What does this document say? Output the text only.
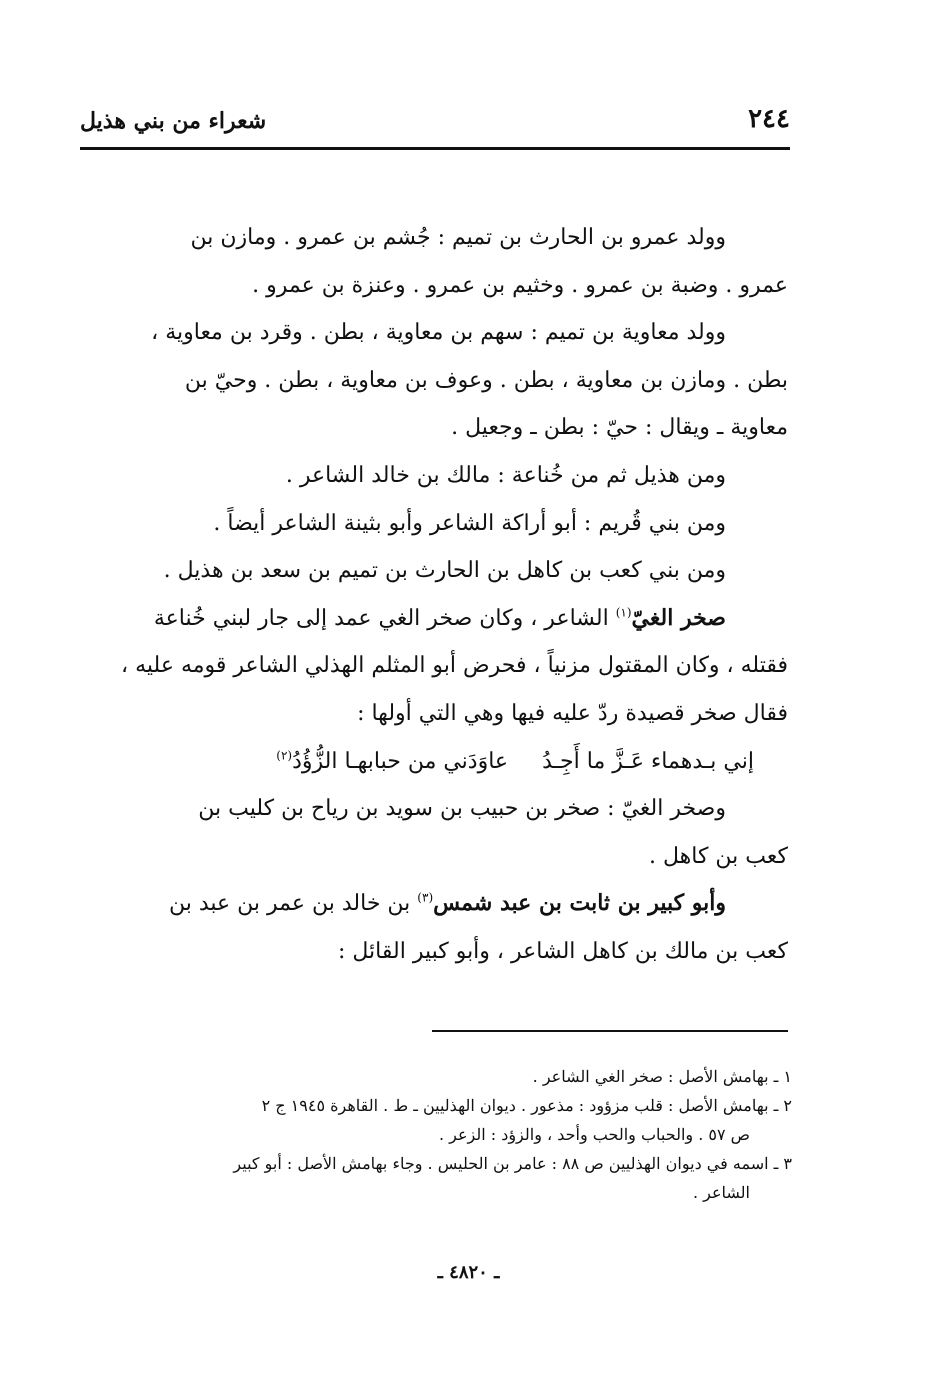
٢٤٤
شعراء من بني هذيل
وولد عمرو بن الحارث بن تميم : جُشم بن عمرو . ومازن بن
عمرو . وضبة بن عمرو . وخثيم بن عمرو . وعنزة بن عمرو .
وولد معاوية بن تميم : سهم بن معاوية ، بطن . وقرد بن معاوية ،
بطن . ومازن بن معاوية ، بطن . وعوف بن معاوية ، بطن . وحيّ بن
معاوية ـ ويقال : حيّ : بطن ـ وجعيل .
ومن هذيل ثم من خُناعة : مالك بن خالد الشاعر .
ومن بني قُريم : أبو أراكة الشاعر وأبو بثينة الشاعر أيضاً .
ومن بني كعب بن كاهل بن الحارث بن تميم بن سعد بن هذيل .
صخر الغيّ$^{(١)}$ الشاعر ، وكان صخر الغي عمد إلى جار لبني خُناعة
فقتله ، وكان المقتول مزنياً ، فحرض أبو المثلم الهذلي الشاعر قومه عليه ،
فقال صخر قصيدة ردّ عليه فيها وهي التي أولها :
إني بـدهماء عَـزَّ ما أَجِـدُعاوَدَني من حبابهـا الزُّؤُدُ$^{(٢)}$
وصخر الغيّ : صخر بن حبيب بن سويد بن رياح بن كليب بن
كعب بن كاهل .
وأبو كبير بن ثابت بن عبد شمس$^{(٣)}$ بن خالد بن عمر بن عبد بن
كعب بن مالك بن كاهل الشاعر ، وأبو كبير القائل :
١ ـ بهامش الأصل : صخر الغي الشاعر .
٢ ـ بهامش الأصل : قلب مزؤود : مذعور . ديوان الهذليين ـ ط . القاهرة ١٩٤٥ ج ٢
ص ٥٧ . والحباب والحب وأحد ، والزؤد : الزعر .
٣ ـ اسمه في ديوان الهذليين ص ٨٨ : عامر بن الحليس . وجاء بهامش الأصل : أبو كبير
الشاعر .
ـ ٤٨٢٠ ـ
